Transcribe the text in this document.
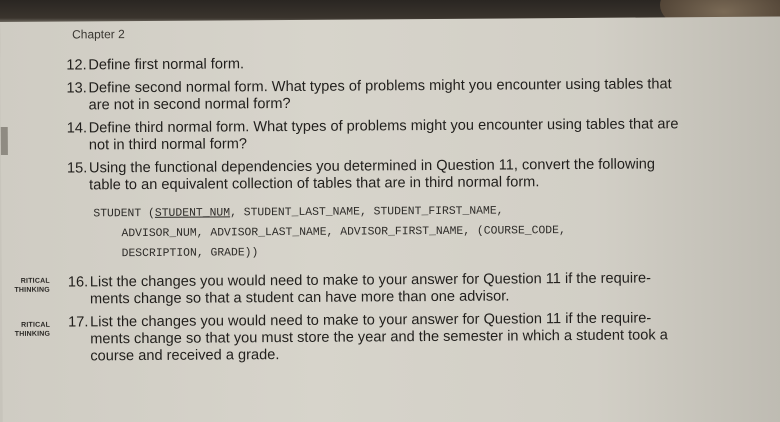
Chapter 2
12. Define first normal form.
13. Define second normal form. What types of problems might you encounter using tables that
are not in second normal form?
14. Define third normal form. What types of problems might you encounter using tables that are
not in third normal form?
15. Using the functional dependencies you determined in Question 11, convert the following
table to an equivalent collection of tables that are in third normal form.
STUDENT (STUDENT_NUM, STUDENT_LAST_NAME, STUDENT_FIRST_NAME,
ADVISOR_NUM, ADVISOR_LAST_NAME, ADVISOR_FIRST_NAME, (COURSE_CODE,
DESCRIPTION, GRADE))
RITICAL
THINKING 16. List the changes you would need to make to your answer for Question 11 if the require-
ments change so that a student can have more than one advisor.
RITICAL
THINKING
17. List the changes you would need to make to your answer for Question 11 if the require-
ments change so that you must store the year and the semester in which a student took a
course and received a grade.
